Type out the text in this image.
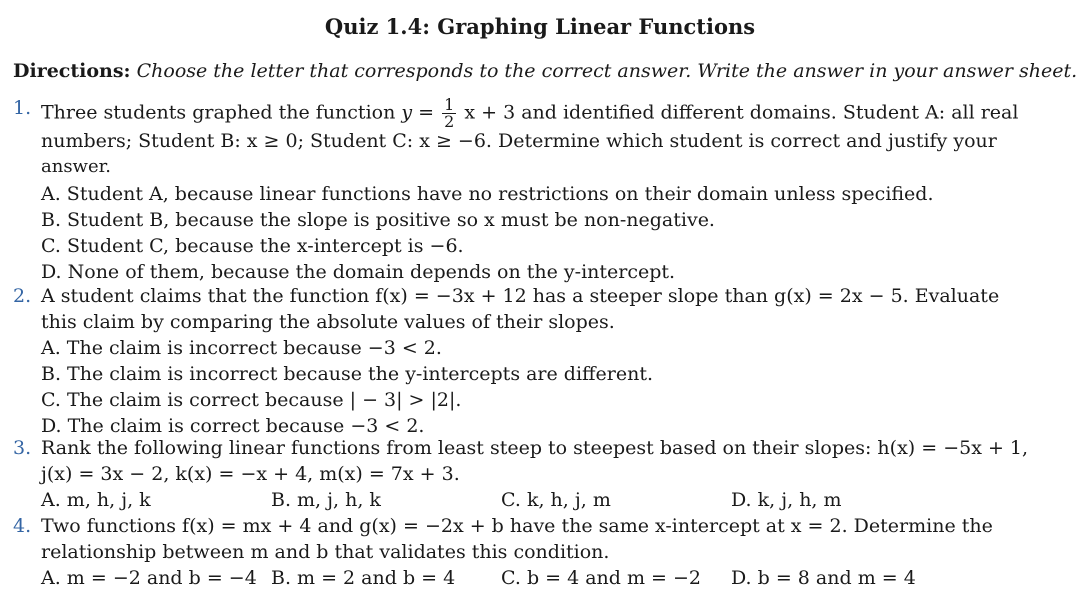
Quiz 1.4: Graphing Linear Functions
Directions: Choose the letter that corresponds to the correct answer. Write the answer in your answer sheet.
1. Three students graphed the function $y = \frac{1}{2}$ x + 3 and identified different domains. Student A: all real
numbers; Student B: x ≥ 0; Student C: x ≥ −6. Determine which student is correct and justify your
answer.
A. Student A, because linear functions have no restrictions on their domain unless specified.
B. Student B, because the slope is positive so x must be non-negative.
C. Student C, because the x-intercept is −6.
D. None of them, because the domain depends on the y-intercept.
2. A student claims that the function f(x) = −3x + 12 has a steeper slope than g(x) = 2x − 5. Evaluate
this claim by comparing the absolute values of their slopes.
A. The claim is incorrect because −3 < 2.
B. The claim is incorrect because the y-intercepts are different.
C. The claim is correct because | − 3| > |2|.
D. The claim is correct because −3 < 2.
3. Rank the following linear functions from least steep to steepest based on their slopes: h(x) = −5x + 1,
j(x) = 3x − 2, k(x) = −x + 4, m(x) = 7x + 3.
A. m, h, j, k	B. m, j, h, k	C. k, h, j, m	D. k, j, h, m
4. Two functions f(x) = mx + 4 and g(x) = −2x + b have the same x-intercept at x = 2. Determine the
relationship between m and b that validates this condition.
A. m = −2 and b = −4 B. m = 2 and b = 4 C. b = 4 and m = −2 D. b = 8 and m = 4
